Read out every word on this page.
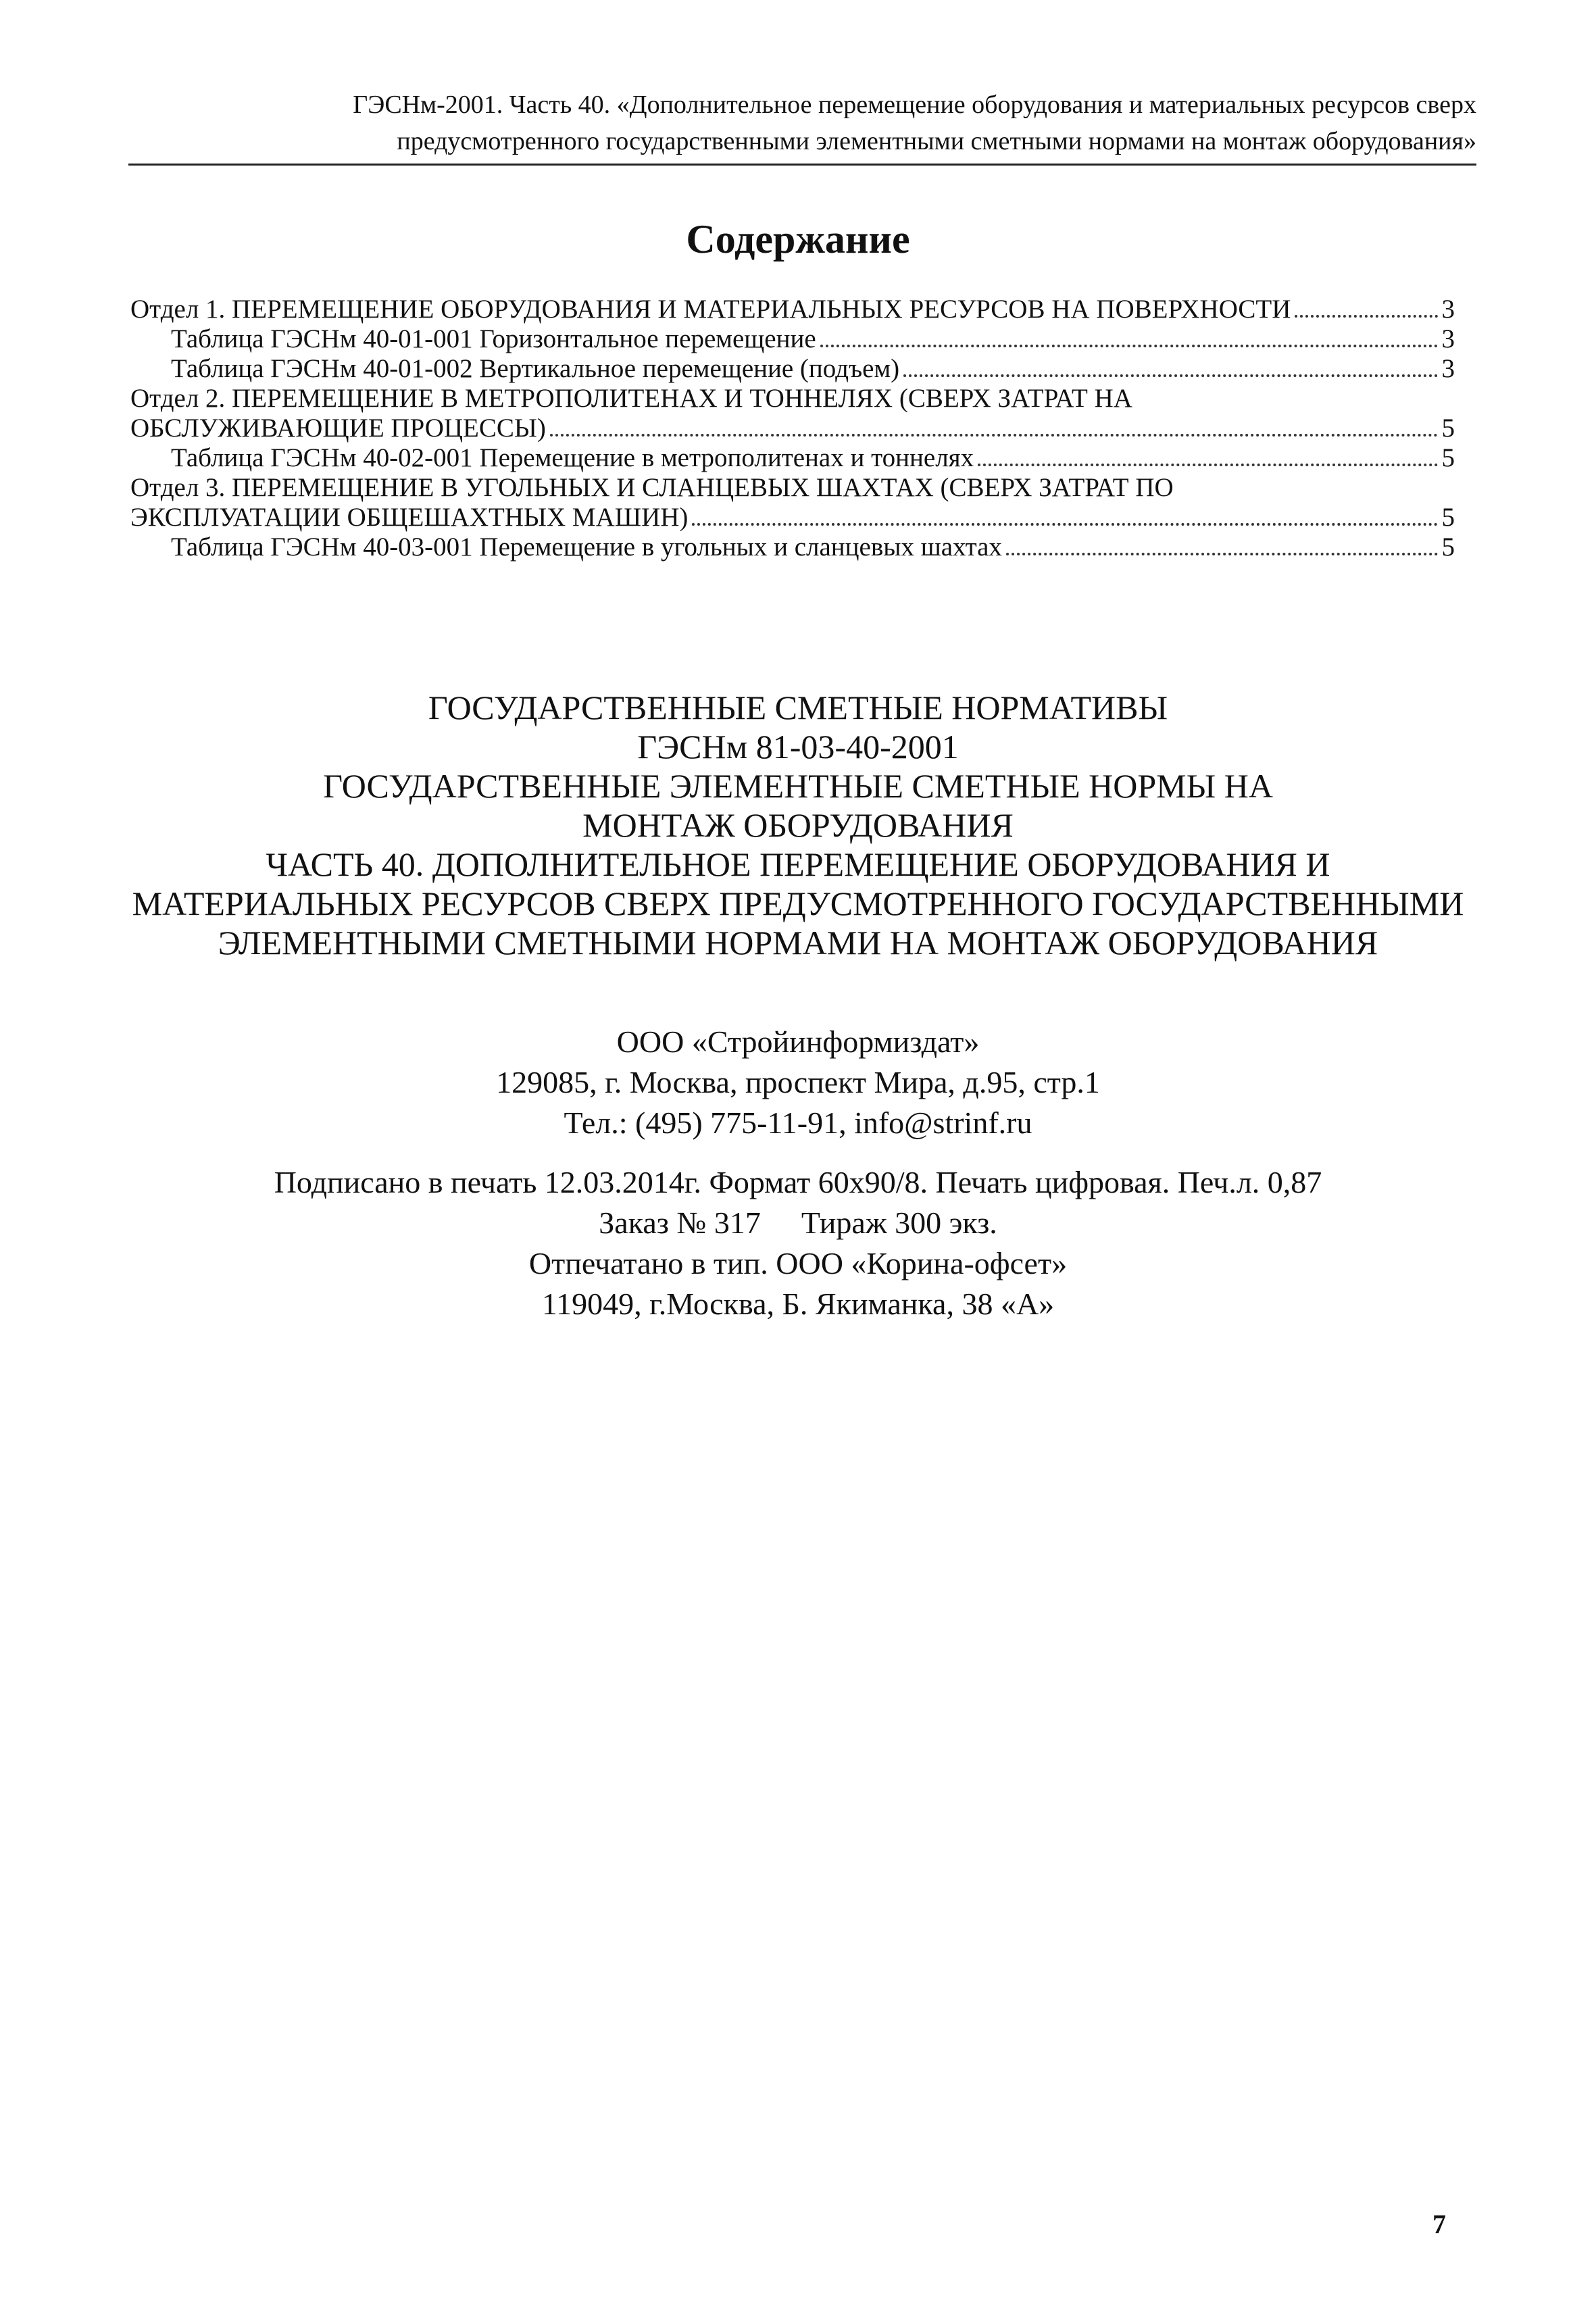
ГЭСНм-2001. Часть 40. «Дополнительное перемещение оборудования и материальных ресурсов сверх
предусмотренного государственными элементными сметными нормами на монтаж оборудования»
Содержание
Отдел 1. ПЕРЕМЕЩЕНИЕ ОБОРУДОВАНИЯ И МАТЕРИАЛЬНЫХ РЕСУРСОВ НА ПОВЕРХНОСТИ	3
Таблица ГЭСНм 40-01-001 Горизонтальное перемещение	3
Таблица ГЭСНм 40-01-002 Вертикальное перемещение (подъем)	3
Отдел 2. ПЕРЕМЕЩЕНИЕ В МЕТРОПОЛИТЕНАХ И ТОННЕЛЯХ (СВЕРХ ЗАТРАТ НА
ОБСЛУЖИВАЮЩИЕ ПРОЦЕССЫ)	5
Таблица ГЭСНм 40-02-001 Перемещение в метрополитенах и тоннелях	5
Отдел 3. ПЕРЕМЕЩЕНИЕ В УГОЛЬНЫХ И СЛАНЦЕВЫХ ШАХТАХ (СВЕРХ ЗАТРАТ ПО
ЭКСПЛУАТАЦИИ ОБЩЕШАХТНЫХ МАШИН)	5
Таблица ГЭСНм 40-03-001 Перемещение в угольных и сланцевых шахтах	5
ГОСУДАРСТВЕННЫЕ СМЕТНЫЕ НОРМАТИВЫ
ГЭСНм 81-03-40-2001
ГОСУДАРСТВЕННЫЕ ЭЛЕМЕНТНЫЕ СМЕТНЫЕ НОРМЫ НА
МОНТАЖ ОБОРУДОВАНИЯ
ЧАСТЬ 40. ДОПОЛНИТЕЛЬНОЕ ПЕРЕМЕЩЕНИЕ ОБОРУДОВАНИЯ И
МАТЕРИАЛЬНЫХ РЕСУРСОВ СВЕРХ ПРЕДУСМОТРЕННОГО ГОСУДАРСТВЕННЫМИ
ЭЛЕМЕНТНЫМИ СМЕТНЫМИ НОРМАМИ НА МОНТАЖ ОБОРУДОВАНИЯ
ООО «Стройинформиздат»
129085, г. Москва, проспект Мира, д.95, стр.1
Тел.: (495) 775-11-91, info@strinf.ru
Подписано в печать 12.03.2014г. Формат 60x90/8. Печать цифровая. Печ.л. 0,87
Заказ № 317 Тираж 300 экз.
Отпечатано в тип. ООО «Корина-офсет»
119049, г.Москва, Б. Якиманка, 38 «А»
7
